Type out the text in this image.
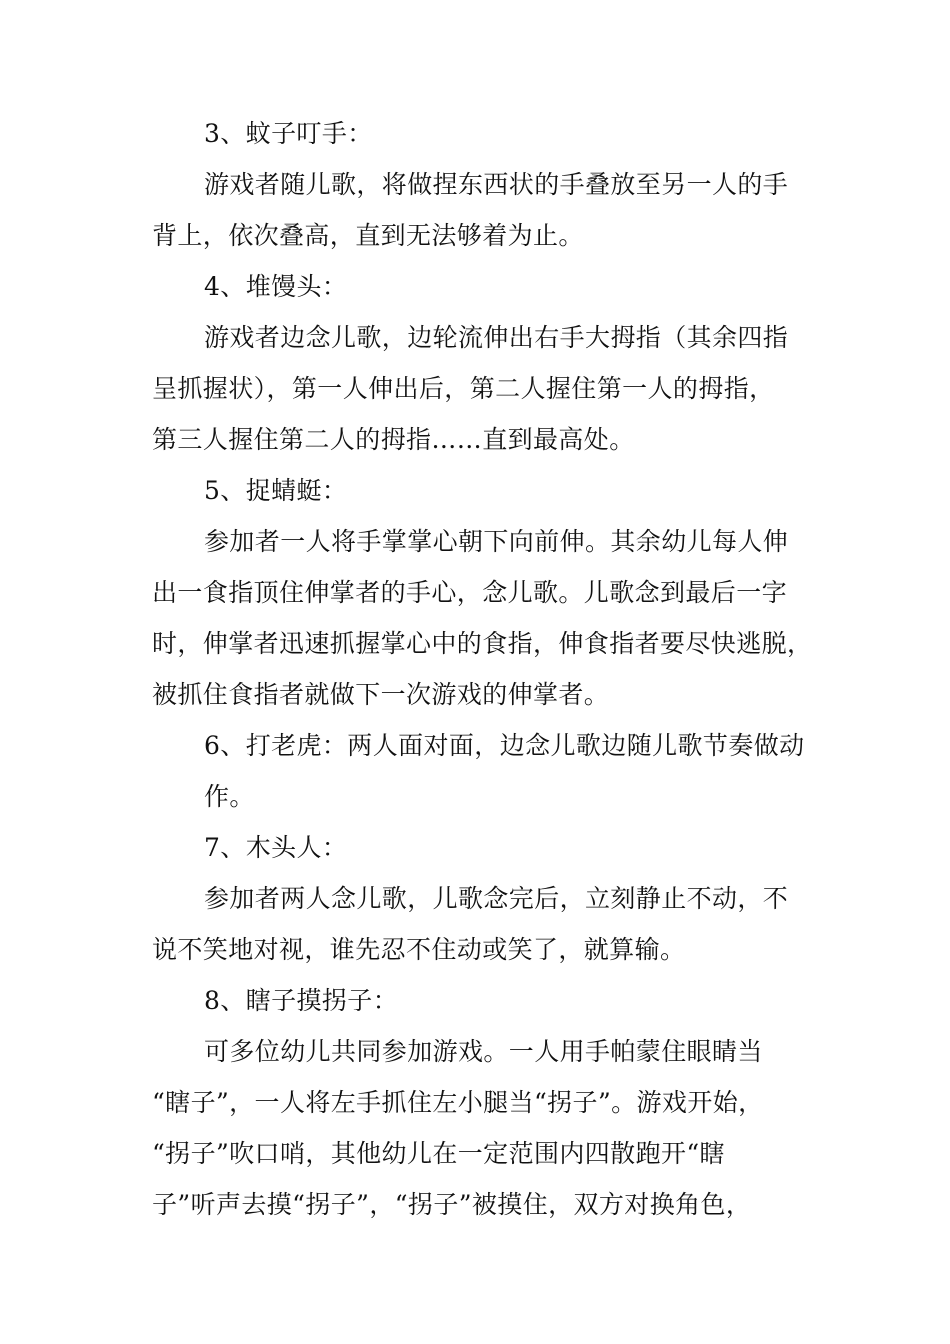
3、蚊子叮手：

游戏者随儿歌，将做捏东西状的手叠放至另一人的手

背上，依次叠高，直到无法够着为止。

4、堆馒头：

游戏者边念儿歌，边轮流伸出右手大拇指（其余四指

呈抓握状），第一人伸出后，第二人握住第一人的拇指，

第三人握住第二人的拇指……直到最高处。

5、捉蜻蜓：

参加者一人将手掌掌心朝下向前伸。其余幼儿每人伸

出一食指顶住伸掌者的手心，念儿歌。儿歌念到最后一字

时，伸掌者迅速抓握掌心中的食指，伸食指者要尽快逃脱，

被抓住食指者就做下一次游戏的伸掌者。

6、打老虎：两人面对面，边念儿歌边随儿歌节奏做动

作。

7、木头人：

参加者两人念儿歌，儿歌念完后，立刻静止不动，不

说不笑地对视，谁先忍不住动或笑了，就算输。

8、瞎子摸拐子：

可多位幼儿共同参加游戏。一人用手帕蒙住眼睛当

“瞎子”，一人将左手抓住左小腿当“拐子”。游戏开始，

“拐子”吹口哨，其他幼儿在一定范围内四散跑开“瞎

子”听声去摸“拐子”，“拐子”被摸住，双方对换角色，
